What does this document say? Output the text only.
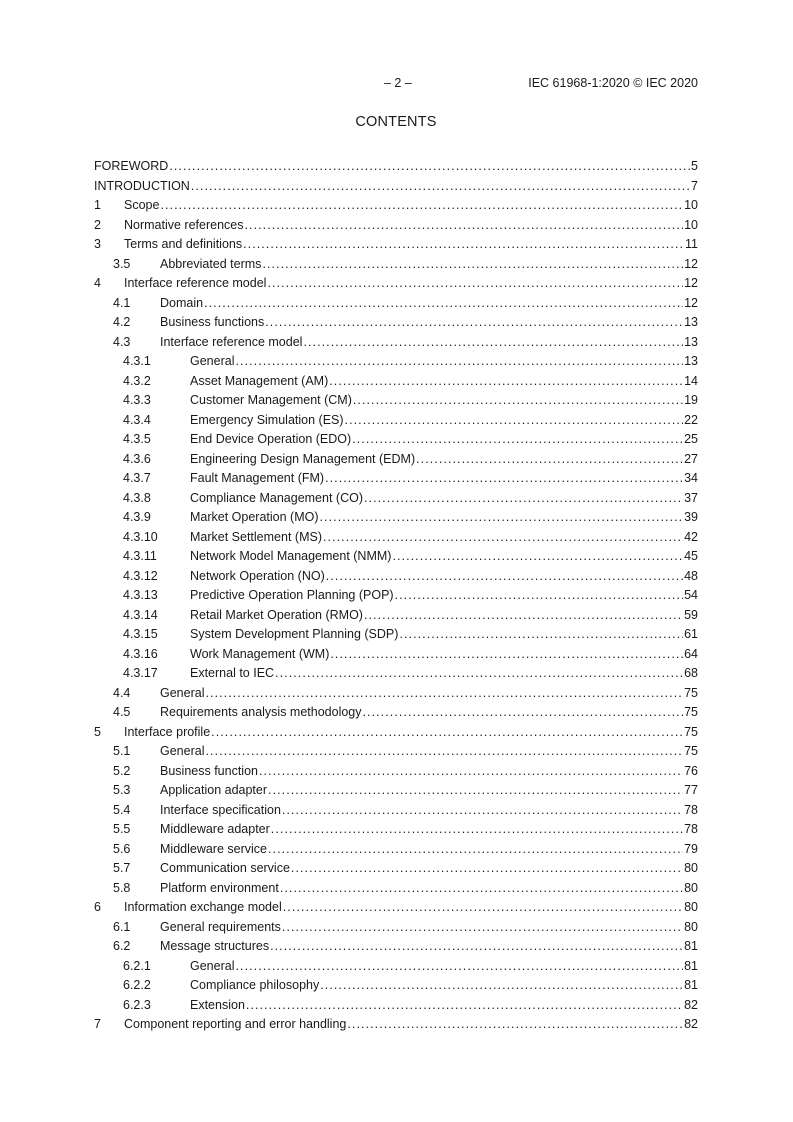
– 2 –	IEC 61968-1:2020 © IEC 2020
CONTENTS
FOREWORD . . .	5
INTRODUCTION . . .	7
1 Scope . . .	10
2 Normative references . . .	10
3 Terms and definitions . . .	11
3.5 Abbreviated terms . . .	12
4 Interface reference model . . .	12
4.1 Domain . . .	12
4.2 Business functions . . .	13
4.3 Interface reference model . . .	13
4.3.1	General . . .	13
4.3.2	Asset Management (AM) . . .	14
4.3.3	Customer Management (CM) . . .	19
4.3.4	Emergency Simulation (ES) . . .	22
4.3.5	End Device Operation (EDO) . . .	25
4.3.6	Engineering Design Management (EDM) . . .	27
4.3.7	Fault Management (FM) . . .	34
4.3.8	Compliance Management (CO) . . .	37
4.3.9	Market Operation (MO) . . .	39
4.3.10	Market Settlement (MS) . . .	42
4.3.11	Network Model Management (NMM) . . .	45
4.3.12	Network Operation (NO) . . .	48
4.3.13	Predictive Operation Planning (POP) . . .	54
4.3.14	Retail Market Operation (RMO) . . .	59
4.3.15	System Development Planning (SDP) . . .	61
4.3.16	Work Management (WM) . . .	64
4.3.17	External to IEC . . .	68
4.4 General . . .	75
4.5 Requirements analysis methodology . . .	75
5 Interface profile . . .	75
5.1 General . . .	75
5.2 Business function . . .	76
5.3 Application adapter . . .	77
5.4 Interface specification . . .	78
5.5 Middleware adapter . . .	78
5.6 Middleware service . . .	79
5.7 Communication service . . .	80
5.8 Platform environment . . .	80
6 Information exchange model . . .	80
6.1 General requirements . . .	80
6.2 Message structures . . .	81
6.2.1	General . . .	81
6.2.2	Compliance philosophy . . .	81
6.2.3	Extension . . .	82
7 Component reporting and error handling . . .	82
